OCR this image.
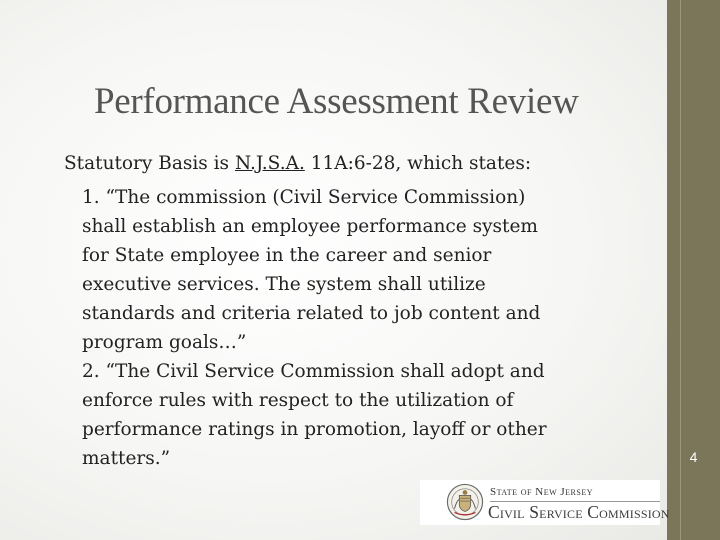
4
Performance Assessment Review
Statutory Basis is N.J.S.A. 11A:6-28, which states:
1. “The commission (Civil Service Commission)
shall establish an employee performance system
for State employee in the career and senior
executive services. The system shall utilize
standards and criteria related to job content and
program goals…”
2. “The Civil Service Commission shall adopt and
enforce rules with respect to the utilization of
performance ratings in promotion, layoff or other
matters.”
State of New Jersey
Civil Service Commission
